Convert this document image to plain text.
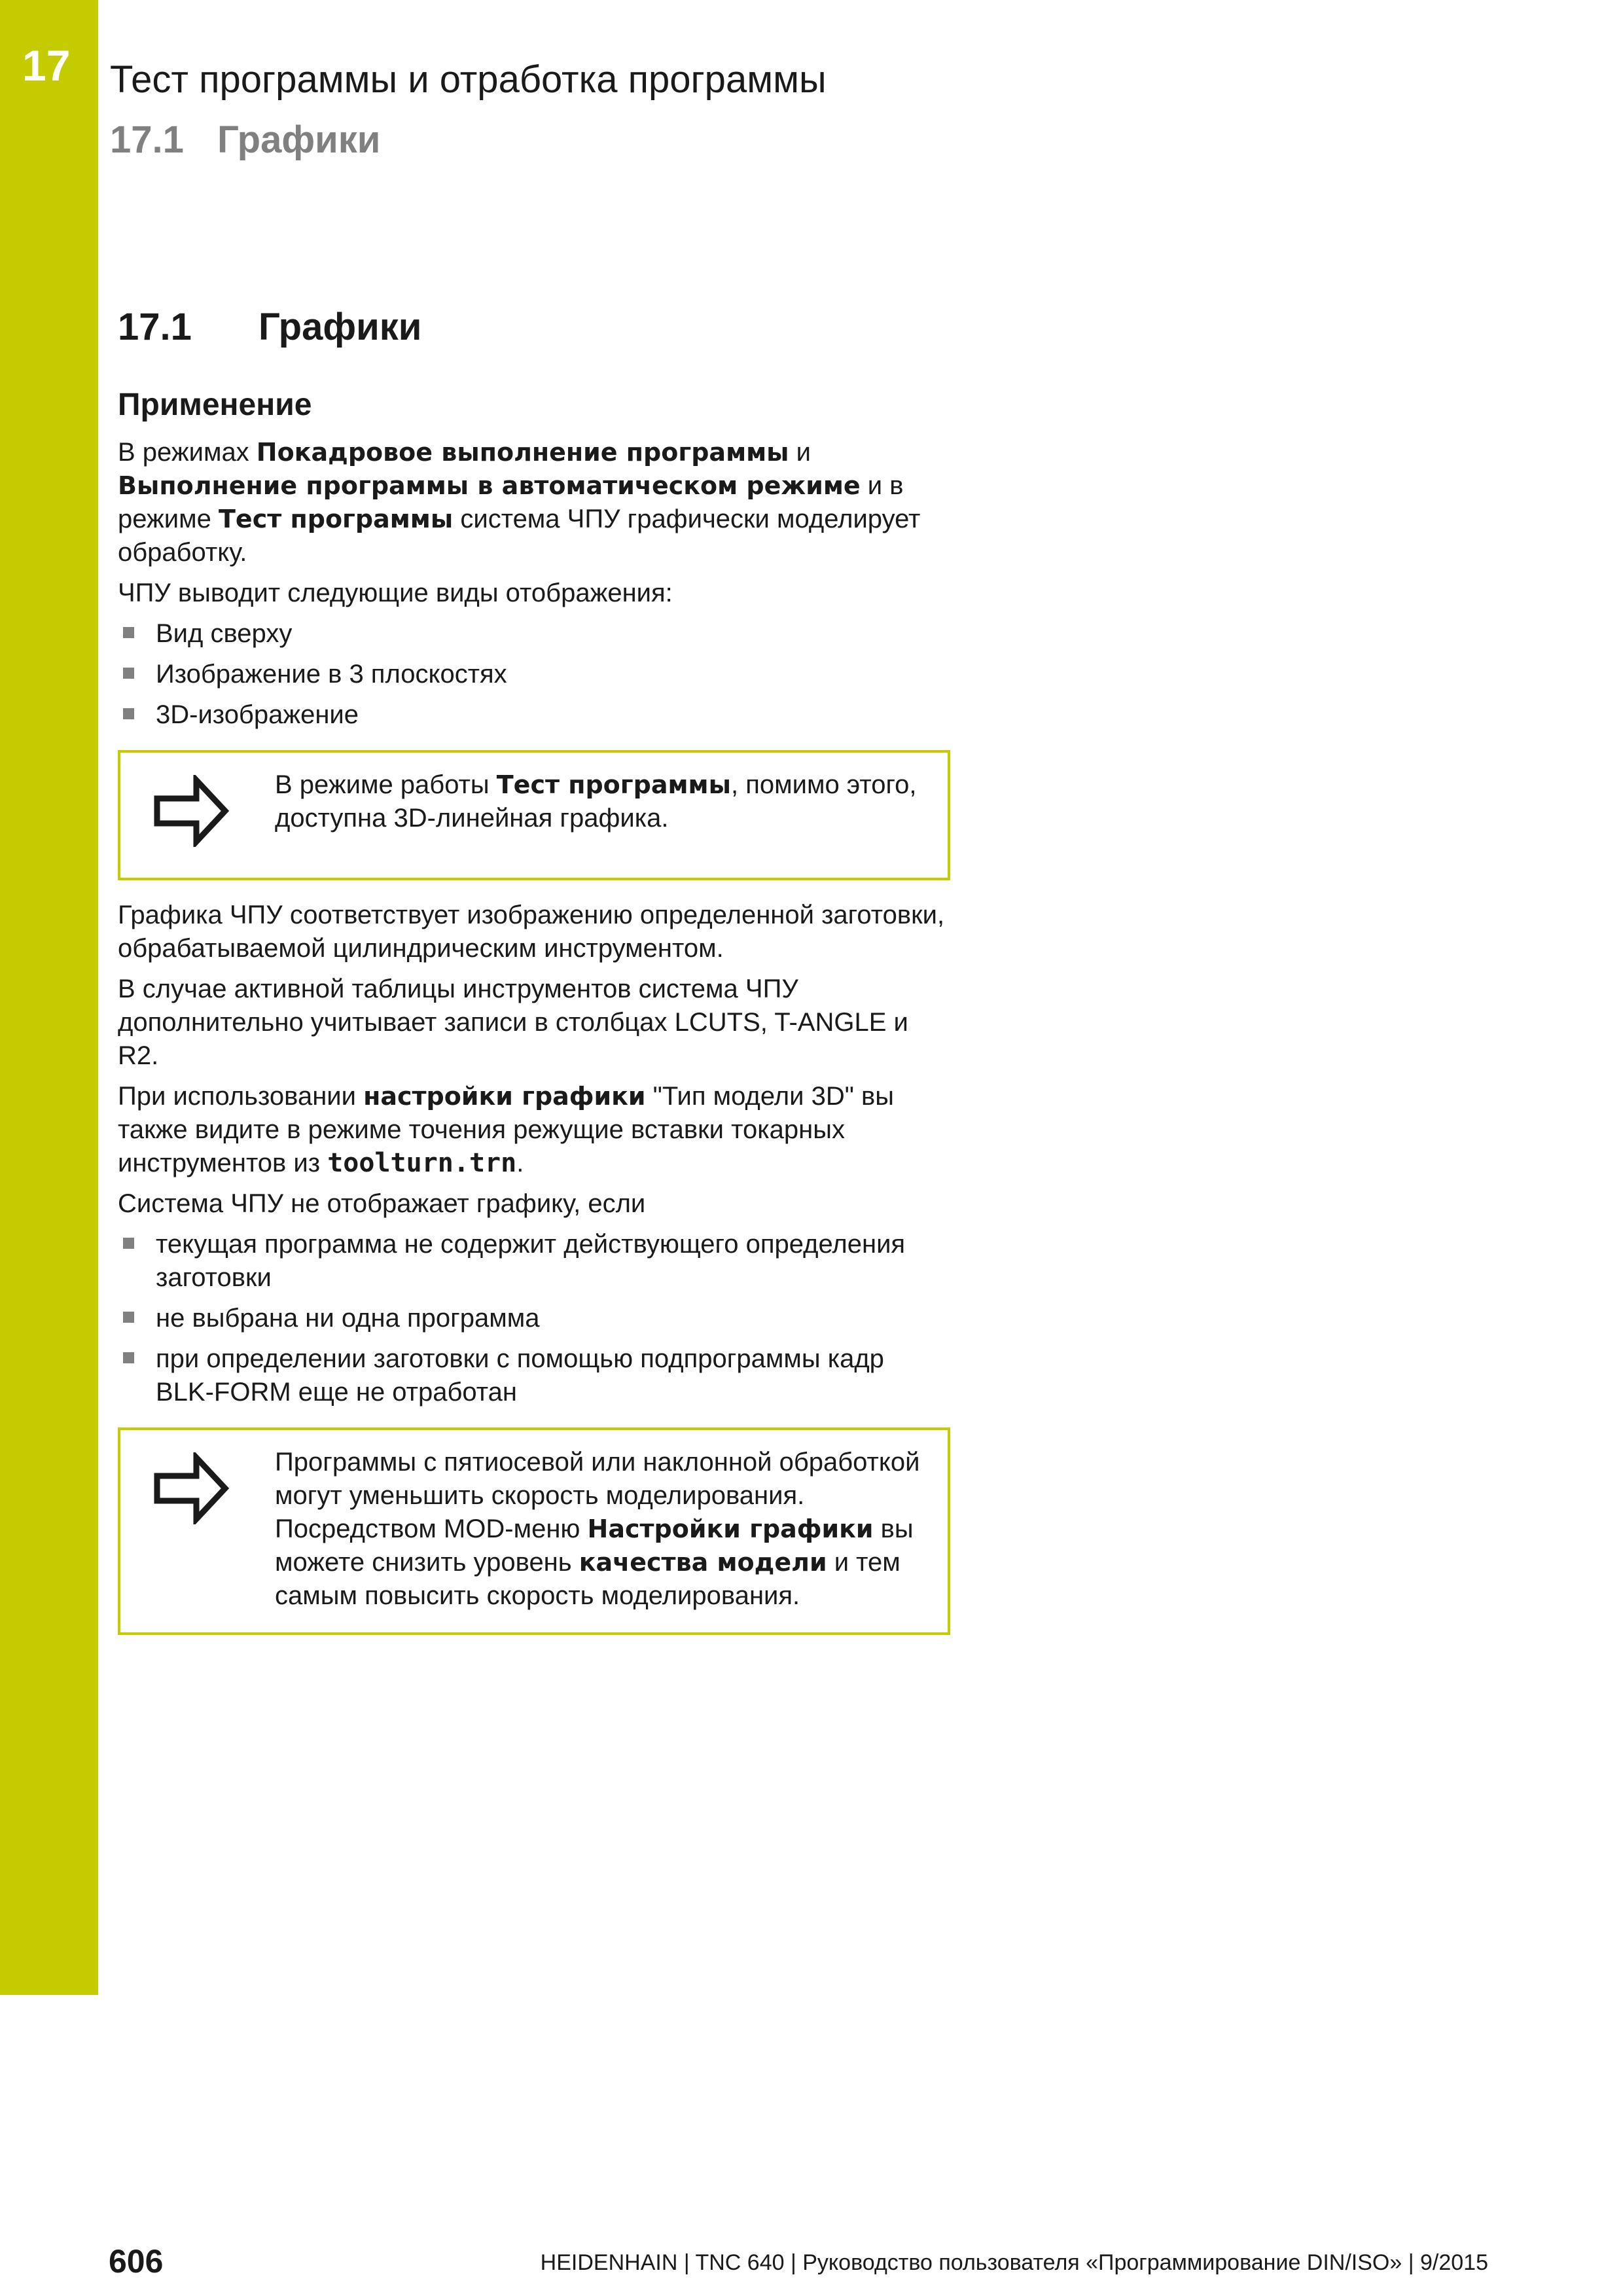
17 Тест программы и отработка программы
17.1 Графики
17.1 Графики
Применение

В режимах Покадровое выполнение программы и Выполнение программы в автоматическом режиме и в режиме Тест программы система ЧПУ графически моделирует обработку.

ЧПУ выводит следующие виды отображения:

Вид сверху
Изображение в 3 плоскостях
3D-изображение

В режиме работы Тест программы, помимо этого, доступна 3D-линейная графика.

Графика ЧПУ соответствует изображению определенной заготовки, обрабатываемой цилиндрическим инструментом.

В случае активной таблицы инструментов система ЧПУ дополнительно учитывает записи в столбцах LCUTS, T-ANGLE и R2.

При использовании настройки графики "Тип модели 3D" вы также видите в режиме точения режущие вставки токарных инструментов из toolturn.trn.

Система ЧПУ не отображает графику, если

текущая программа не содержит действующего определения заготовки
не выбрана ни одна программа
при определении заготовки с помощью подпрограммы кадр BLK-FORM еще не отработан

Программы с пятиосевой или наклонной обработкой могут уменьшить скорость моделирования. Посредством MOD-меню Настройки графики вы можете снизить уровень качества модели и тем самым повысить скорость моделирования.

606	HEIDENHAIN | TNC 640 | Руководство пользователя «Программирование DIN/ISO» | 9/2015
